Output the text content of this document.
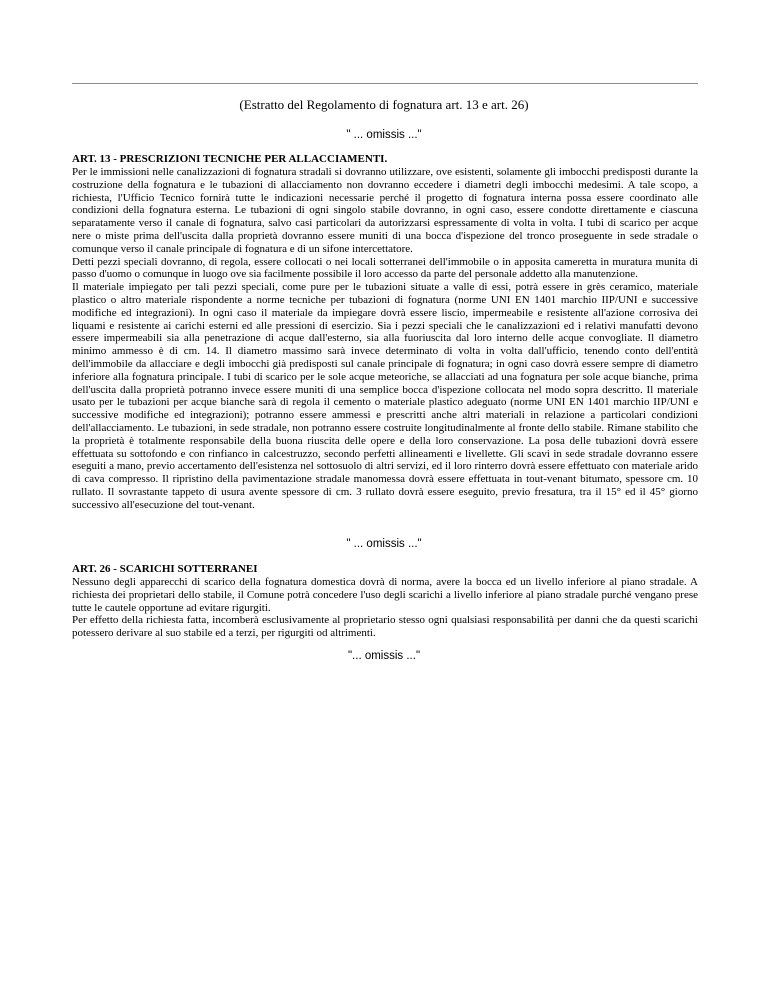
(Estratto del Regolamento di fognatura art. 13 e art. 26)
" ... omissis ..."

ART. 13 - PRESCRIZIONI TECNICHE PER ALLACCIAMENTI.

Per le immissioni nelle canalizzazioni di fognatura stradali si dovranno utilizzare, ove esistenti, solamente gli imbocchi predisposti durante la costruzione della fognatura e le tubazioni di allacciamento non dovranno eccedere i diametri degli imbocchi medesimi. A tale scopo, a richiesta, l'Ufficio Tecnico fornirà tutte le indicazioni necessarie perché il progetto di fognatura interna possa essere coordinato alle condizioni della fognatura esterna. Le tubazioni di ogni singolo stabile dovranno, in ogni caso, essere condotte direttamente e ciascuna separatamente verso il canale di fognatura, salvo casi particolari da autorizzarsi espressamente di volta in volta. I tubi di scarico per acque nere o miste prima dell'uscita dalla proprietà dovranno essere muniti di una bocca d'ispezione del tronco proseguente in sede stradale o comunque verso il canale principale di fognatura e di un sifone intercettatore.

Detti pezzi speciali dovranno, di regola, essere collocati o nei locali sotterranei dell'immobile o in apposita cameretta in muratura munita di passo d'uomo o comunque in luogo ove sia facilmente possibile il loro accesso da parte del personale addetto alla manutenzione.

Il materiale impiegato per tali pezzi speciali, come pure per le tubazioni situate a valle di essi, potrà essere in grès ceramico, materiale plastico o altro materiale rispondente a norme tecniche per tubazioni di fognatura (norme UNI EN 1401 marchio IIP/UNI e successive modifiche ed integrazioni). In ogni caso il materiale da impiegare dovrà essere liscio, impermeabile e resistente all'azione corrosiva dei liquami e resistente ai carichi esterni ed alle pressioni di esercizio. Sia i pezzi speciali che le canalizzazioni ed i relativi manufatti devono essere impermeabili sia alla penetrazione di acque dall'esterno, sia alla fuoriuscita dal loro interno delle acque convogliate. Il diametro minimo ammesso è di cm. 14. Il diametro massimo sarà invece determinato di volta in volta dall'ufficio, tenendo conto dell'entità dell'immobile da allacciare e degli imbocchi già predisposti sul canale principale di fognatura; in ogni caso dovrà essere sempre di diametro inferiore alla fognatura principale. I tubi di scarico per le sole acque meteoriche, se allacciati ad una fognatura per sole acque bianche, prima dell'uscita dalla proprietà potranno invece essere muniti di una semplice bocca d'ispezione collocata nel modo sopra descritto. Il materiale usato per le tubazioni per acque bianche sarà di regola il cemento o materiale plastico adeguato (norme UNI EN 1401 marchio IIP/UNI e successive modifiche ed integrazioni); potranno essere ammessi e prescritti anche altri materiali in relazione a particolari condizioni dell'allacciamento. Le tubazioni, in sede stradale, non potranno essere costruite longitudinalmente al fronte dello stabile. Rimane stabilito che la proprietà è totalmente responsabile della buona riuscita delle opere e della loro conservazione. La posa delle tubazioni dovrà essere effettuata su sottofondo e con rinfianco in calcestruzzo, secondo perfetti allineamenti e livellette. Gli scavi in sede stradale dovranno essere eseguiti a mano, previo accertamento dell'esistenza nel sottosuolo di altri servizi, ed il loro rinterro dovrà essere effettuato con materiale arido di cava compresso. Il ripristino della pavimentazione stradale manomessa dovrà essere effettuata in tout-venant bitumato, spessore cm. 10 rullato. Il sovrastante tappeto di usura avente spessore di cm. 3 rullato dovrà essere eseguito, previo fresatura, tra il 15° ed il 45° giorno successivo all'esecuzione del tout-venant.

" ... omissis ..."

ART. 26 - SCARICHI SOTTERRANEI

Nessuno degli apparecchi di scarico della fognatura domestica dovrà di norma, avere la bocca ed un livello inferiore al piano stradale. A richiesta dei proprietari dello stabile, il Comune potrà concedere l'uso degli scarichi a livello inferiore al piano stradale purché vengano prese tutte le cautele opportune ad evitare rigurgiti.

Per effetto della richiesta fatta, incomberà esclusivamente al proprietario stesso ogni qualsiasi responsabilità per danni che da questi scarichi potessero derivare al suo stabile ed a terzi, per rigurgiti od altrimenti.

"... omissis ..."
